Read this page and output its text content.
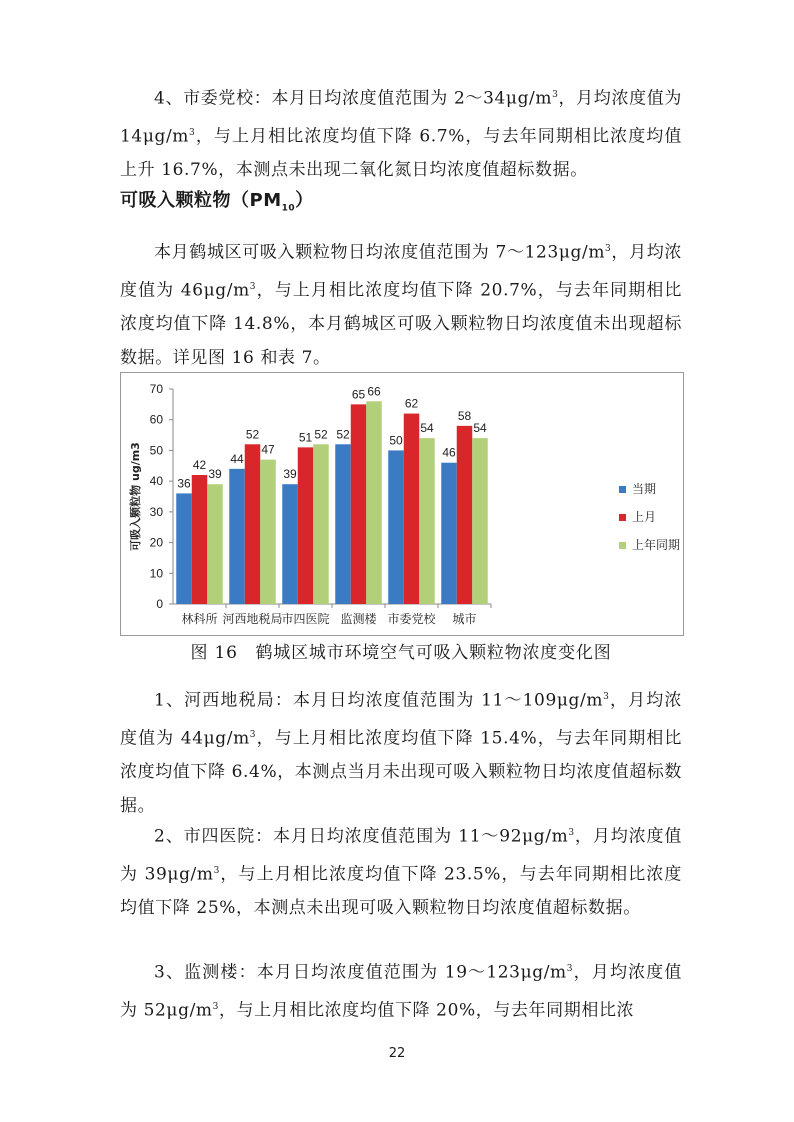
4、市委党校：本月日均浓度值范围为 $2\sim 34\mu g/m^3$，月均浓度值为 $14\mu g/m^3$，与上月相比浓度均值下降 6.7%，与去年同期相比浓度均值上升 16.7%，本测点未出现二氧化氮日均浓度值超标数据。

可吸入颗粒物$(PM_{10})$

本月鹤城区可吸入颗粒物日均浓度值范围为 $7\sim 123\mu g/m^3$，月均浓度值为 $46\mu g/m^3$，与上月相比浓度均值下降 20.7%，与去年同期相比浓度均值下降 14.8%，本月鹤城区可吸入颗粒物日均浓度值未出现超标数据。详见图 16 和表 7。

0
10
20
30
40
50
60
70
可吸入颗粒物 ug/m3	36
42
39
林科所
44
52
47
河西地税局
39
51 52
市四医院
52
65 66
监测楼
50
62
54
市委党校
46
58
54
城市
当期
上月
上年同期

图 16　鹤城区城市环境空气可吸入颗粒物浓度变化图

1、河西地税局：本月日均浓度值范围为 $11\sim 109\mu g/m^3$，月均浓度值为 $44\mu g/m^3$，与上月相比浓度均值下降 15.4%，与去年同期相比浓度均值下降 6.4%，本测点当月未出现可吸入颗粒物日均浓度值超标数据。

2、市四医院：本月日均浓度值范围为 $11\sim 92\mu g/m^3$，月均浓度值为 $39\mu g/m^3$，与上月相比浓度均值下降 23.5%，与去年同期相比浓度均值下降 25%，本测点未出现可吸入颗粒物日均浓度值超标数据。

3、监测楼：本月日均浓度值范围为 $19\sim 123\mu g/m^3$，月均浓度值为 $52\mu g/m^3$，与上月相比浓度均值下降 20%，与去年同期相比浓

22
